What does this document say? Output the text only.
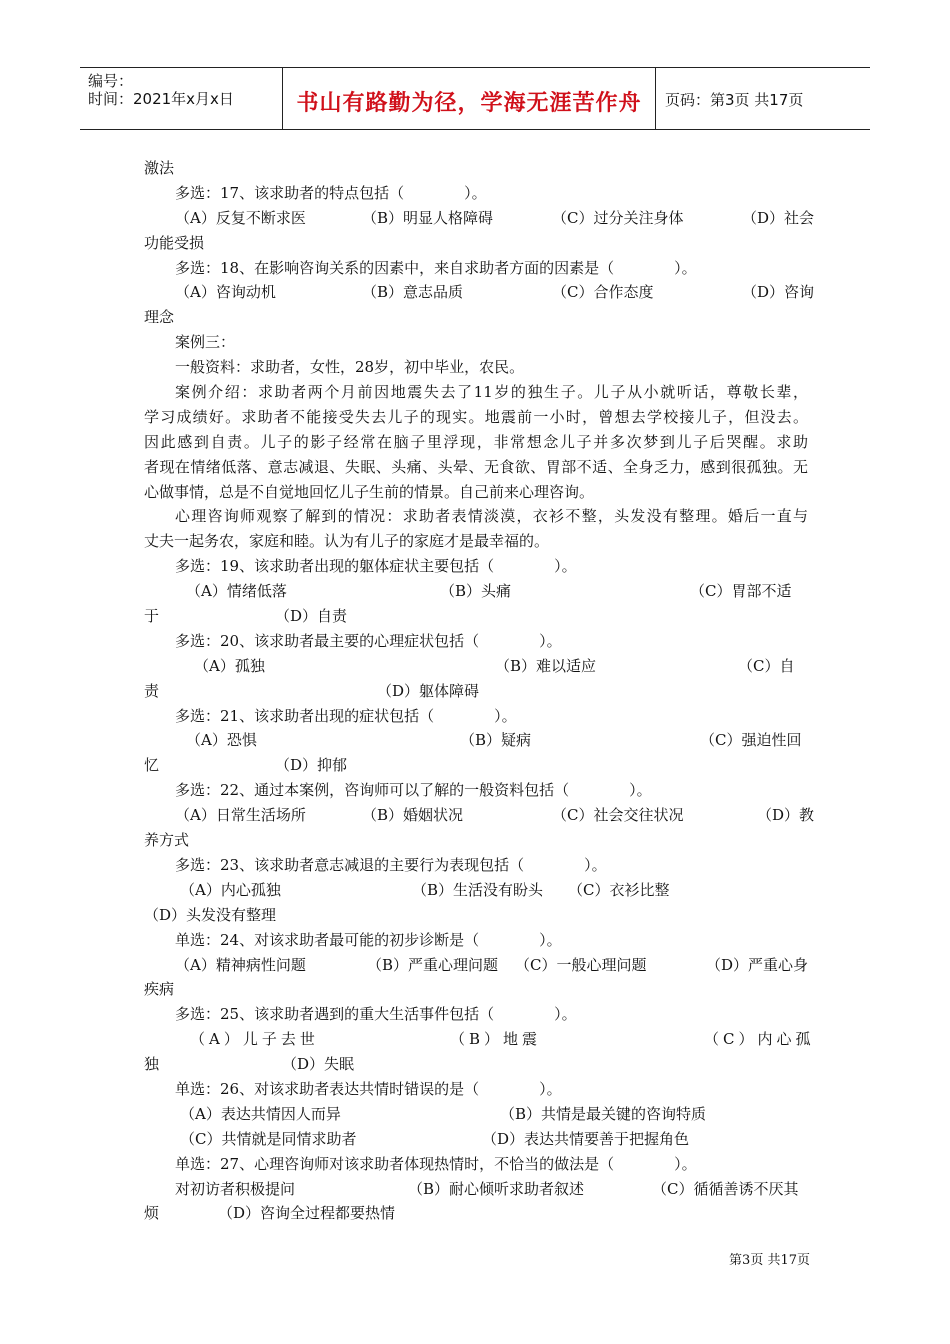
编号：
时间：2021年x月x日	书山有路勤为径，学海无涯苦作舟	页码：第3页 共17页
激法
多选：17、该求助者的特点包括（　　　　）。
（A）反复不断求医	（B）明显人格障碍	（C）过分关注身体	（D）社会
功能受损
多选：18、在影响咨询关系的因素中，来自求助者方面的因素是（　　　　）。
（A）咨询动机	（B）意志品质	（C）合作态度	（D）咨询
理念
案例三：
一般资料：求助者，女性，28岁，初中毕业，农民。
案例介绍：求助者两个月前因地震失去了11岁的独生子。儿子从小就听话，尊敬长辈，
学习成绩好。求助者不能接受失去儿子的现实。地震前一小时，曾想去学校接儿子，但没去。
因此感到自责。儿子的影子经常在脑子里浮现，非常想念儿子并多次梦到儿子后哭醒。求助
者现在情绪低落、意志减退、失眠、头痛、头晕、无食欲、胃部不适、全身乏力，感到很孤独。无
心做事情，总是不自觉地回忆儿子生前的情景。自己前来心理咨询。
心理咨询师观察了解到的情况：求助者表情淡漠，衣衫不整，头发没有整理。婚后一直与
丈夫一起务农，家庭和睦。认为有儿子的家庭才是最幸福的。
多选：19、该求助者出现的躯体症状主要包括（　　　　）。
（A）情绪低落	（B）头痛	（C）胃部不适
于	（D）自责
多选：20、该求助者最主要的心理症状包括（　　　　）。
（A）孤独	（B）难以适应	（C）自
责	（D）躯体障碍
多选：21、该求助者出现的症状包括（　　　　）。
（A）恐惧	（B）疑病	（C）强迫性回
忆	（D）抑郁
多选：22、通过本案例，咨询师可以了解的一般资料包括（　　　　）。
（A）日常生活场所	（B）婚姻状况	（C）社会交往状况	（D）教
养方式
多选：23、该求助者意志减退的主要行为表现包括（　　　　）。
（A）内心孤独	（B）生活没有盼头 （C）衣衫比整
（D）头发没有整理
单选：24、对该求助者最可能的初步诊断是（　　　　）。
（A）精神病性问题	（B）严重心理问题 （C）一般心理问题	（D）严重心身
疾病
多选：25、该求助者遇到的重大生活事件包括（　　　　）。
（A）儿子去世	（B）地震	（C）内心孤
独	（D）失眠
单选：26、对该求助者表达共情时错误的是（　　　　）。
（A）表达共情因人而异	（B）共情是最关键的咨询特质
（C）共情就是同情求助者	（D）表达共情要善于把握角色
单选：27、心理咨询师对该求助者体现热情时，不恰当的做法是（　　　　）。
对初访者积极提问	（B）耐心倾听求助者叙述	（C）循循善诱不厌其
烦	（D）咨询全过程都要热情
第3页 共17页
